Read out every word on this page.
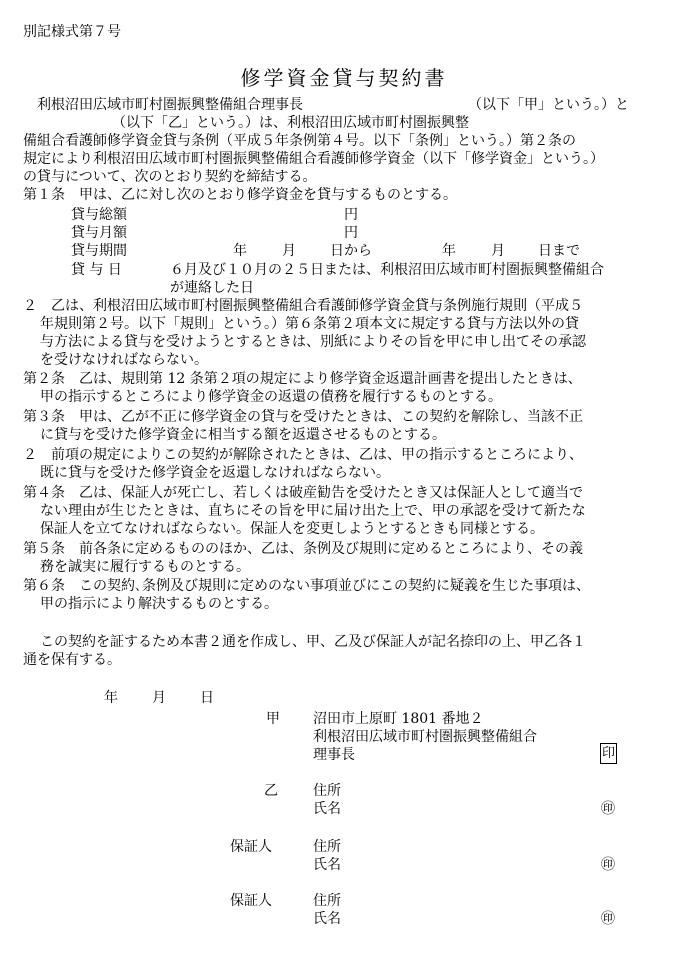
別記様式第７号
修学資金貸与契約書
利根沼田広域市町村圏振興整備組合理事長	（以下「甲」という。）と
（以下「乙」という。）は、利根沼田広域市町村圏振興整
備組合看護師修学資金貸与条例（平成５年条例第４号。以下「条例」という。）第２条の
規定により利根沼田広域市町村圏振興整備組合看護師修学資金（以下「修学資金」という。）
の貸与について、次のとおり契約を締結する。
第１条　甲は、乙に対し次のとおり修学資金を貸与するものとする。
貸与総額	円
貸与月額	円
貸与期間	年	月 日から	年	月 日まで
貸 与 日	６月及び１０月の２５日または、利根沼田広域市町村圏振興整備組合
が連絡した日
２　乙は、利根沼田広域市町村圏振興整備組合看護師修学資金貸与条例施行規則（平成５
年規則第２号。以下「規則」という。）第６条第２項本文に規定する貸与方法以外の貸
与方法による貸与を受けようとするときは、別紙によりその旨を甲に申し出てその承認
を受けなければならない。
第２条　乙は、規則第 12 条第２項の規定により修学資金返還計画書を提出したときは、
甲の指示するところにより修学資金の返還の債務を履行するものとする。
第３条　甲は、乙が不正に修学資金の貸与を受けたときは、この契約を解除し、当該不正
に貸与を受けた修学資金に相当する額を返還させるものとする。
２　前項の規定によりこの契約が解除されたときは、乙は、甲の指示するところにより、
既に貸与を受けた修学資金を返還しなければならない。
第４条　乙は、保証人が死亡し、若しくは破産勧告を受けたとき又は保証人として適当で
ない理由が生じたときは、直ちにその旨を甲に届け出た上で、甲の承認を受けて新たな
保証人を立てなければならない。保証人を変更しようとするときも同様とする。
第５条　前各条に定めるもののほか、乙は、条例及び規則に定めるところにより、その義
務を誠実に履行するものとする。
第６条　この契約､条例及び規則に定めのない事項並びにこの契約に疑義を生じた事項は、
甲の指示により解決するものとする。
この契約を証するため本書２通を作成し、甲、乙及び保証人が記名捺印の上、甲乙各１
通を保有する。
年 月 日
甲 沼田市上原町 1801 番地２
利根沼田広域市町村圏振興整備組合
理事長	印
乙	住所
氏名	㊞
保証人	住所
氏名	㊞
保証人	住所
氏名	㊞
